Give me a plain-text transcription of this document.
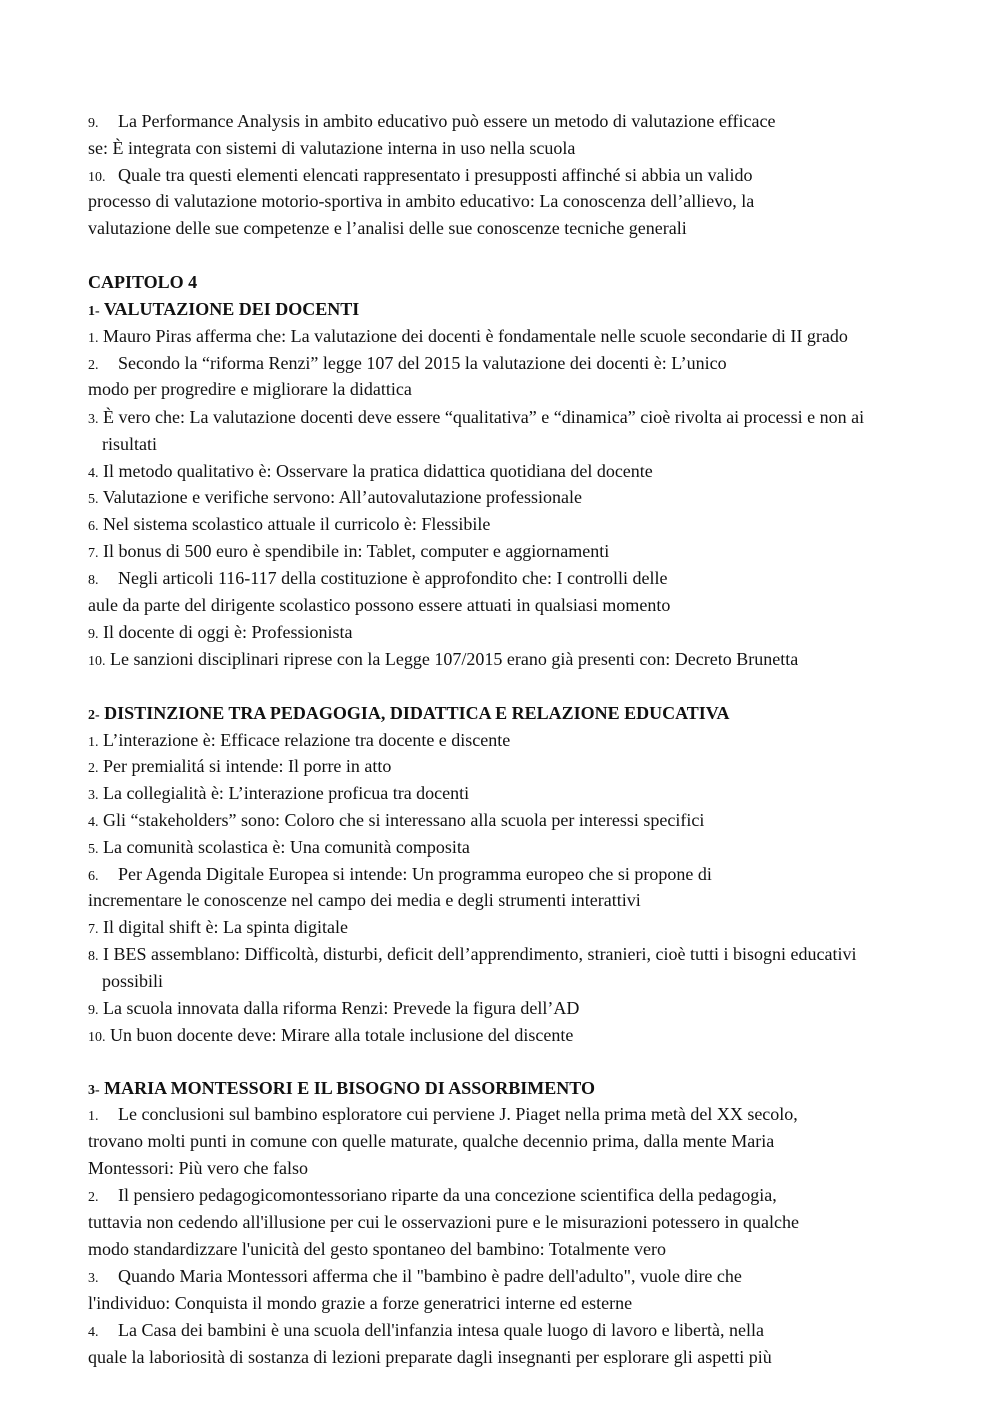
9. La Performance Analysis in ambito educativo può essere un metodo di valutazione efficace
se: È integrata con sistemi di valutazione interna in uso nella scuola
10. Quale tra questi elementi elencati rappresentato i presupposti affinché si abbia un valido
processo di valutazione motorio-sportiva in ambito educativo: La conoscenza dell’allievo, la
valutazione delle sue competenze e l’analisi delle sue conoscenze tecniche generali
CAPITOLO 4
1- VALUTAZIONE DEI DOCENTI
1. Mauro Piras afferma che: La valutazione dei docenti è fondamentale nelle scuole secondarie di II grado
2. Secondo la “riforma Renzi” legge 107 del 2015 la valutazione dei docenti è: L’unico
modo per progredire e migliorare la didattica
3. È vero che: La valutazione docenti deve essere “qualitativa” e “dinamica” cioè rivolta ai processi e non ai
risultati
4. Il metodo qualitativo è: Osservare la pratica didattica quotidiana del docente
5. Valutazione e verifiche servono: All’autovalutazione professionale
6. Nel sistema scolastico attuale il curricolo è: Flessibile
7. Il bonus di 500 euro è spendibile in: Tablet, computer e aggiornamenti
8. Negli articoli 116-117 della costituzione è approfondito che: I controlli delle
aule da parte del dirigente scolastico possono essere attuati in qualsiasi momento
9. Il docente di oggi è: Professionista
10. Le sanzioni disciplinari riprese con la Legge 107/2015 erano già presenti con: Decreto Brunetta
2- DISTINZIONE TRA PEDAGOGIA, DIDATTICA E RELAZIONE EDUCATIVA
1. L’interazione è: Efficace relazione tra docente e discente
2. Per premialitá si intende: Il porre in atto
3. La collegialità è: L’interazione proficua tra docenti
4. Gli “stakeholders” sono: Coloro che si interessano alla scuola per interessi specifici
5. La comunità scolastica è: Una comunità composita
6. Per Agenda Digitale Europea si intende: Un programma europeo che si propone di
incrementare le conoscenze nel campo dei media e degli strumenti interattivi
7. Il digital shift è: La spinta digitale
8. I BES assemblano: Difficoltà, disturbi, deficit dell’apprendimento, stranieri, cioè tutti i bisogni educativi
possibili
9. La scuola innovata dalla riforma Renzi: Prevede la figura dell’AD
10. Un buon docente deve: Mirare alla totale inclusione del discente
3- MARIA MONTESSORI E IL BISOGNO DI ASSORBIMENTO
1. Le conclusioni sul bambino esploratore cui perviene J. Piaget nella prima metà del XX secolo,
trovano molti punti in comune con quelle maturate, qualche decennio prima, dalla mente Maria
Montessori: Più vero che falso
2. Il pensiero pedagogicomontessoriano riparte da una concezione scientifica della pedagogia,
tuttavia non cedendo all'illusione per cui le osservazioni pure e le misurazioni potessero in qualche
modo standardizzare l'unicità del gesto spontaneo del bambino: Totalmente vero
3. Quando Maria Montessori afferma che il "bambino è padre dell'adulto", vuole dire che
l'individuo: Conquista il mondo grazie a forze generatrici interne ed esterne
4. La Casa dei bambini è una scuola dell'infanzia intesa quale luogo di lavoro e libertà, nella
quale la laboriosità di sostanza di lezioni preparate dagli insegnanti per esplorare gli aspetti più
